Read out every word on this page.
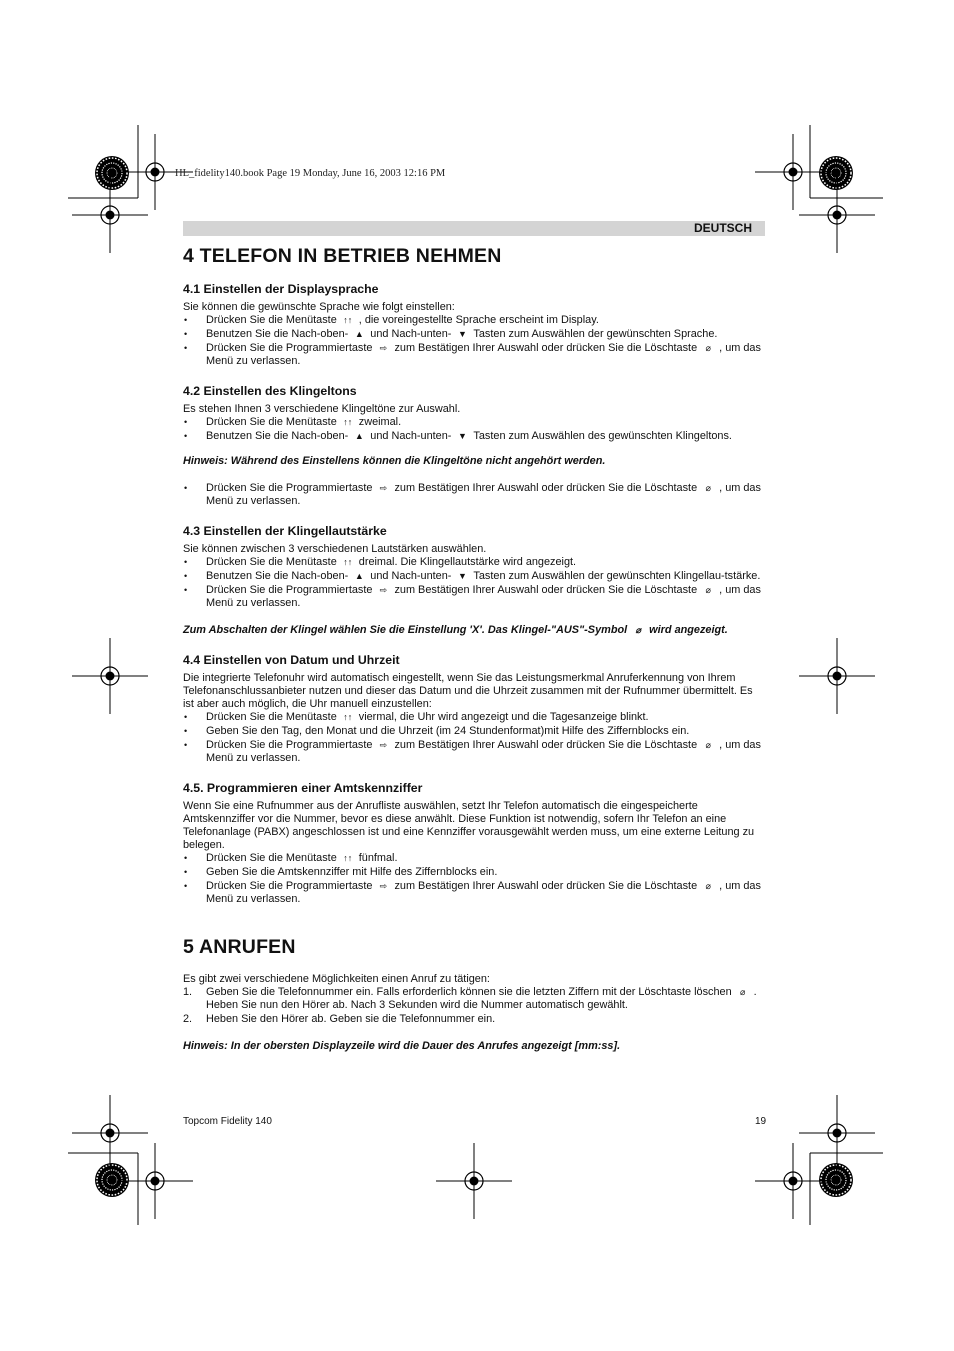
HL_fidelity140.book Page 19 Monday, June 16, 2003 12:16 PM
DEUTSCH
4 TELEFON IN BETRIEB NEHMEN
4.1 Einstellen der Displaysprache

Sie können die gewünschte Sprache wie folgt einstellen:

• Drücken Sie die Menütaste ↑↑ , die voreingestellte Sprache erscheint im Display.
• Benutzen Sie die Nach-oben- ▲ und Nach-unten- ▼ Tasten zum Auswählen der gewünschten Sprache.
• Drücken Sie die Programmiertaste ⇨ zum Bestätigen Ihrer Auswahl oder drücken Sie die Löschtaste ⌀ , um das Menü zu verlassen.
4.2 Einstellen des Klingeltons

Es stehen Ihnen 3 verschiedene Klingeltöne zur Auswahl.

• Drücken Sie die Menütaste ↑↑ zweimal.
• Benutzen Sie die Nach-oben- ▲ und Nach-unten- ▼ Tasten zum Auswählen des gewünschten Klingeltons.

Hinweis: Während des Einstellens können die Klingeltöne nicht angehört werden.

• Drücken Sie die Programmiertaste ⇨ zum Bestätigen Ihrer Auswahl oder drücken Sie die Löschtaste ⌀ , um das Menü zu verlassen.
4.3 Einstellen der Klingellautstärke

Sie können zwischen 3 verschiedenen Lautstärken auswählen.

• Drücken Sie die Menütaste ↑↑ dreimal. Die Klingellautstärke wird angezeigt.
• Benutzen Sie die Nach-oben- ▲ und Nach-unten- ▼ Tasten zum Auswählen der gewünschten Klingellau-tstärke.
• Drücken Sie die Programmiertaste ⇨ zum Bestätigen Ihrer Auswahl oder drücken Sie die Löschtaste ⌀ , um das Menü zu verlassen.

Zum Abschalten der Klingel wählen Sie die Einstellung 'X'. Das Klingel-"AUS"-Symbol ⌀ wird angezeigt.

4.4 Einstellen von Datum und Uhrzeit

Die integrierte Telefonuhr wird automatisch eingestellt, wenn Sie das Leistungsmerkmal Anruferkennung von Ihrem Telefonanschlussanbieter nutzen und dieser das Datum und die Uhrzeit zusammen mit der Rufnummer übermittelt. Es ist aber auch möglich, die Uhr manuell einzustellen:

• Drücken Sie die Menütaste ↑↑ viermal, die Uhr wird angezeigt und die Tagesanzeige blinkt.
• Geben Sie den Tag, den Monat und die Uhrzeit (im 24 Stundenformat)mit Hilfe des Ziffernblocks ein.
• Drücken Sie die Programmiertaste ⇨ zum Bestätigen Ihrer Auswahl oder drücken Sie die Löschtaste ⌀ , um das Menü zu verlassen.
4.5. Programmieren einer Amtskennziffer

Wenn Sie eine Rufnummer aus der Anrufliste auswählen, setzt Ihr Telefon automatisch die eingespeicherte Amtskennziffer vor die Nummer, bevor es diese anwählt. Diese Funktion ist notwendig, sofern Ihr Telefon an eine Telefonanlage (PABX) angeschlossen ist und eine Kennziffer vorausgewählt werden muss, um eine externe Leitung zu belegen.

• Drücken Sie die Menütaste ↑↑ fünfmal.
• Geben Sie die Amtskennziffer mit Hilfe des Ziffernblocks ein.
• Drücken Sie die Programmiertaste ⇨ zum Bestätigen Ihrer Auswahl oder drücken Sie die Löschtaste ⌀ , um das Menü zu verlassen.
5 ANRUFEN

Es gibt zwei verschiedene Möglichkeiten einen Anruf zu tätigen:

1. Geben Sie die Telefonnummer ein. Falls erforderlich können sie die letzten Ziffern mit der Löschtaste löschen ⌀ . Heben Sie nun den Hörer ab. Nach 3 Sekunden wird die Nummer automatisch gewählt.
2. Heben Sie den Hörer ab. Geben sie die Telefonnummer ein.

Hinweis: In der obersten Displayzeile wird die Dauer des Anrufes angezeigt [mm:ss].

Topcom Fidelity 140	19
